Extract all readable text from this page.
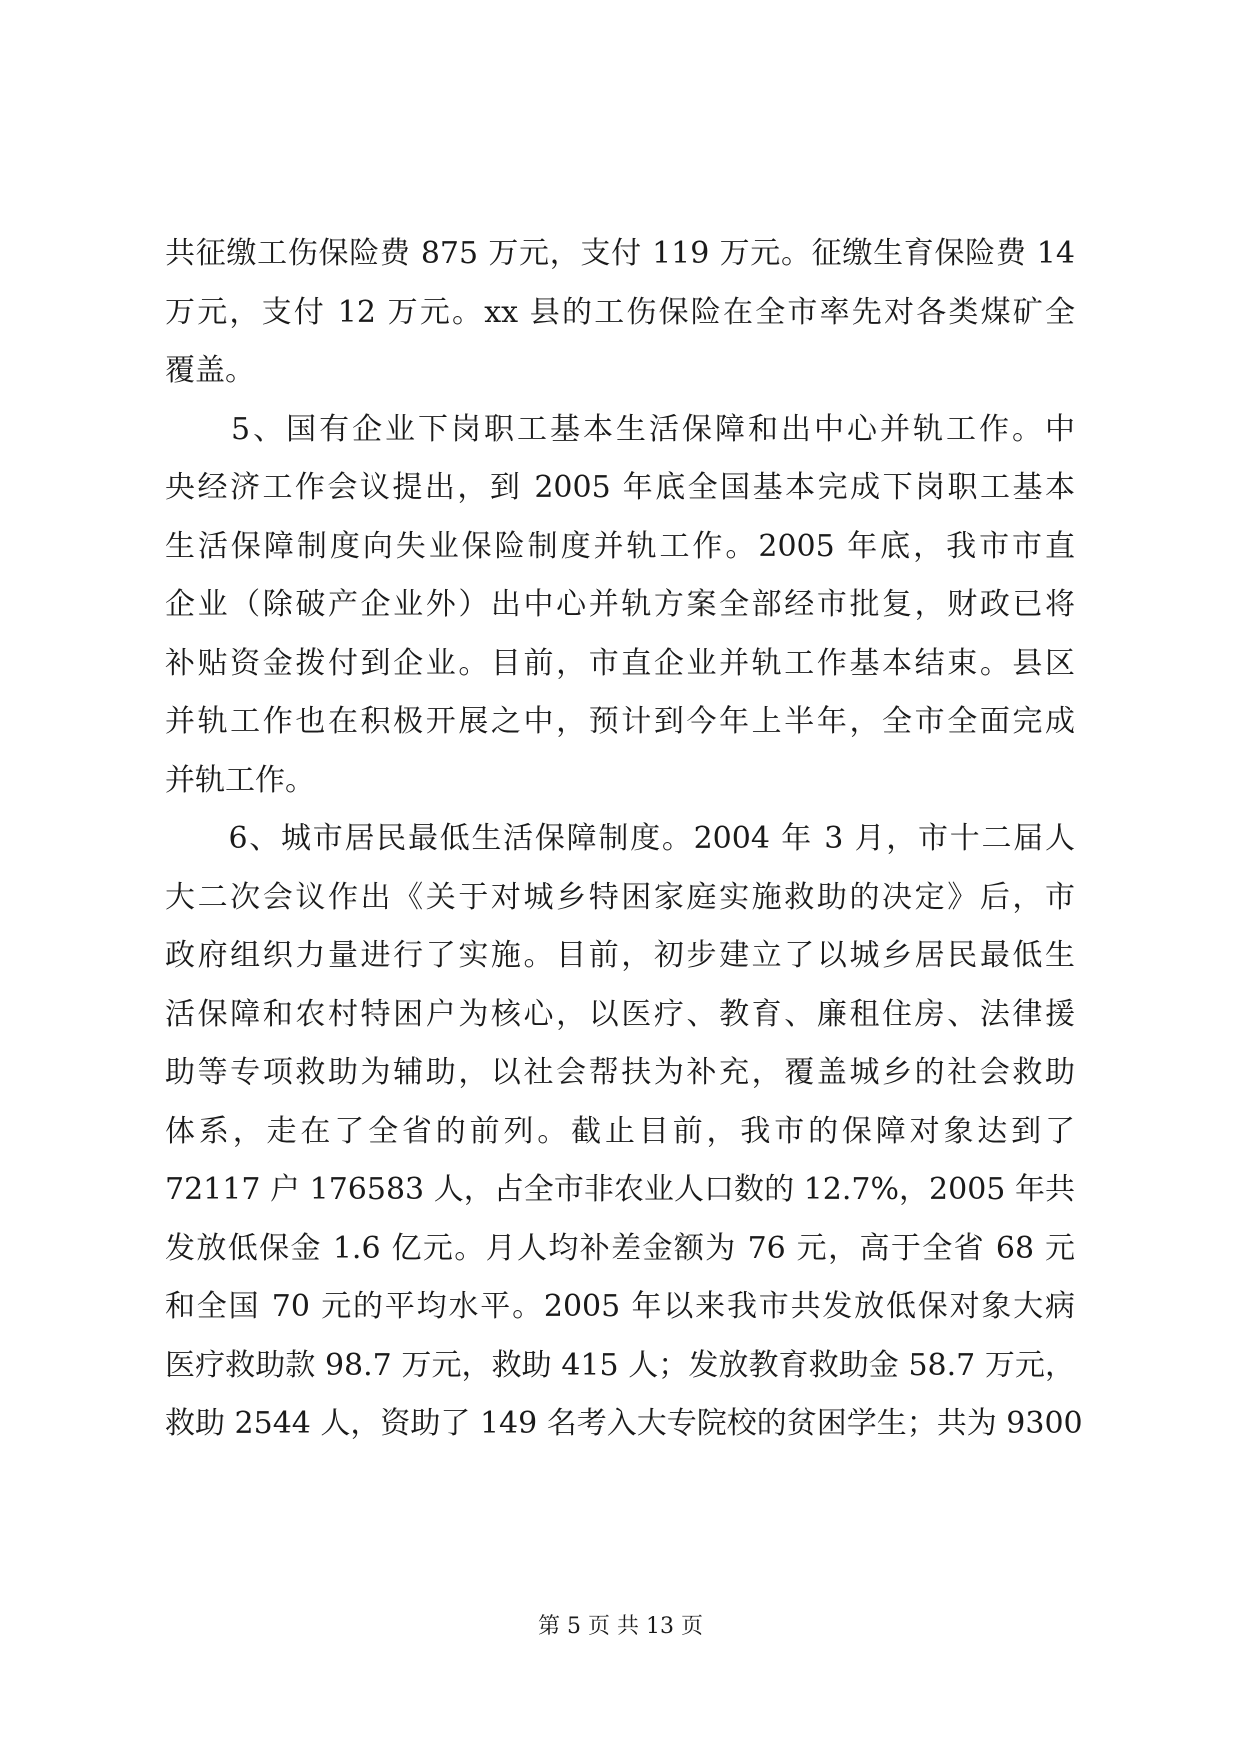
共征缴工伤保险费 875 万元，支付 119 万元。征缴生育保险费 14
万元，支付 12 万元。xx 县的工伤保险在全市率先对各类煤矿全
覆盖。
　　5、国有企业下岗职工基本生活保障和出中心并轨工作。中
央经济工作会议提出，到 2005 年底全国基本完成下岗职工基本
生活保障制度向失业保险制度并轨工作。2005 年底，我市市直
企业（除破产企业外）出中心并轨方案全部经市批复，财政已将
补贴资金拨付到企业。目前，市直企业并轨工作基本结束。县区
并轨工作也在积极开展之中，预计到今年上半年，全市全面完成
并轨工作。
　　6、城市居民最低生活保障制度。2004 年 3 月，市十二届人
大二次会议作出《关于对城乡特困家庭实施救助的决定》后，市
政府组织力量进行了实施。目前，初步建立了以城乡居民最低生
活保障和农村特困户为核心，以医疗、教育、廉租住房、法律援
助等专项救助为辅助，以社会帮扶为补充，覆盖城乡的社会救助
体系，走在了全省的前列。截止目前，我市的保障对象达到了
72117 户 176583 人，占全市非农业人口数的 12.7%，2005 年共
发放低保金 1.6 亿元。月人均补差金额为 76 元，高于全省 68 元
和全国 70 元的平均水平。2005 年以来我市共发放低保对象大病
医疗救助款 98.7 万元，救助 415 人；发放教育救助金 58.7 万元，
救助 2544 人，资助了 149 名考入大专院校的贫困学生；共为 9300
第 5 页 共 13 页
